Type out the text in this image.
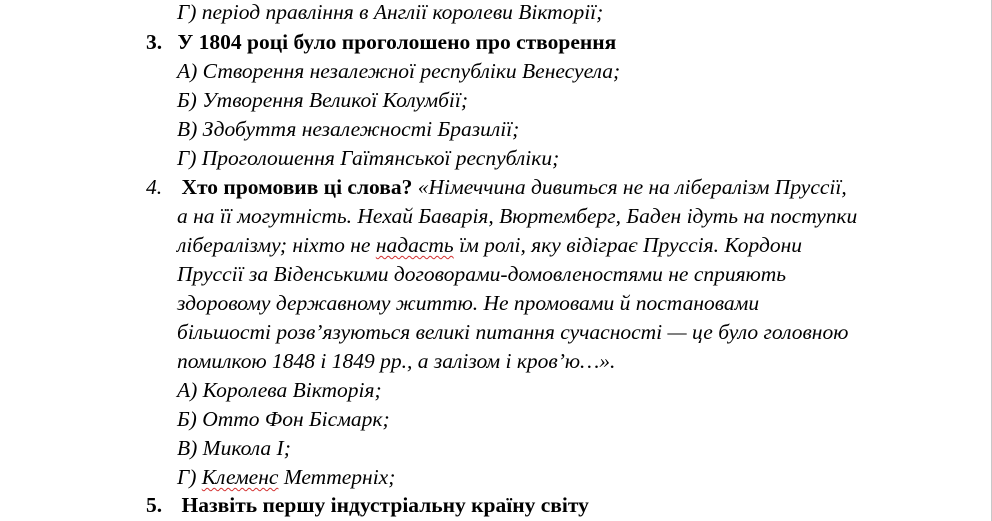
Г) період правління в Англії королеви Вікторії;
3. У 1804 році було проголошено про створення
А) Створення незалежної республіки Венесуела;
Б) Утворення Великої Колумбії;
В) Здобуття незалежності Бразилії;
Г) Проголошення Гаїтянської республіки;
4. Хто промовив ці слова? «Німеччина дивиться не на лібералізм Пруссії,
а на її могутність. Нехай Баварія, Вюртемберг, Баден ідуть на поступки
лібералізму; ніхто не надасть їм ролі, яку відіграє Пруссія. Кордони
Пруссії за Віденськими договорами-домовленостями не сприяють
здоровому державному життю. Не промовами й постановами
більшості розв’язуються великі питання сучасності — це було головною
помилкою 1848 і 1849 рр., а залізом і кров’ю…».
А) Королева Вікторія;
Б) Отто Фон Бісмарк;
В) Микола І;
Г) Клеменс Меттерніх;
5. Назвіть першу індустріальну країну світу
